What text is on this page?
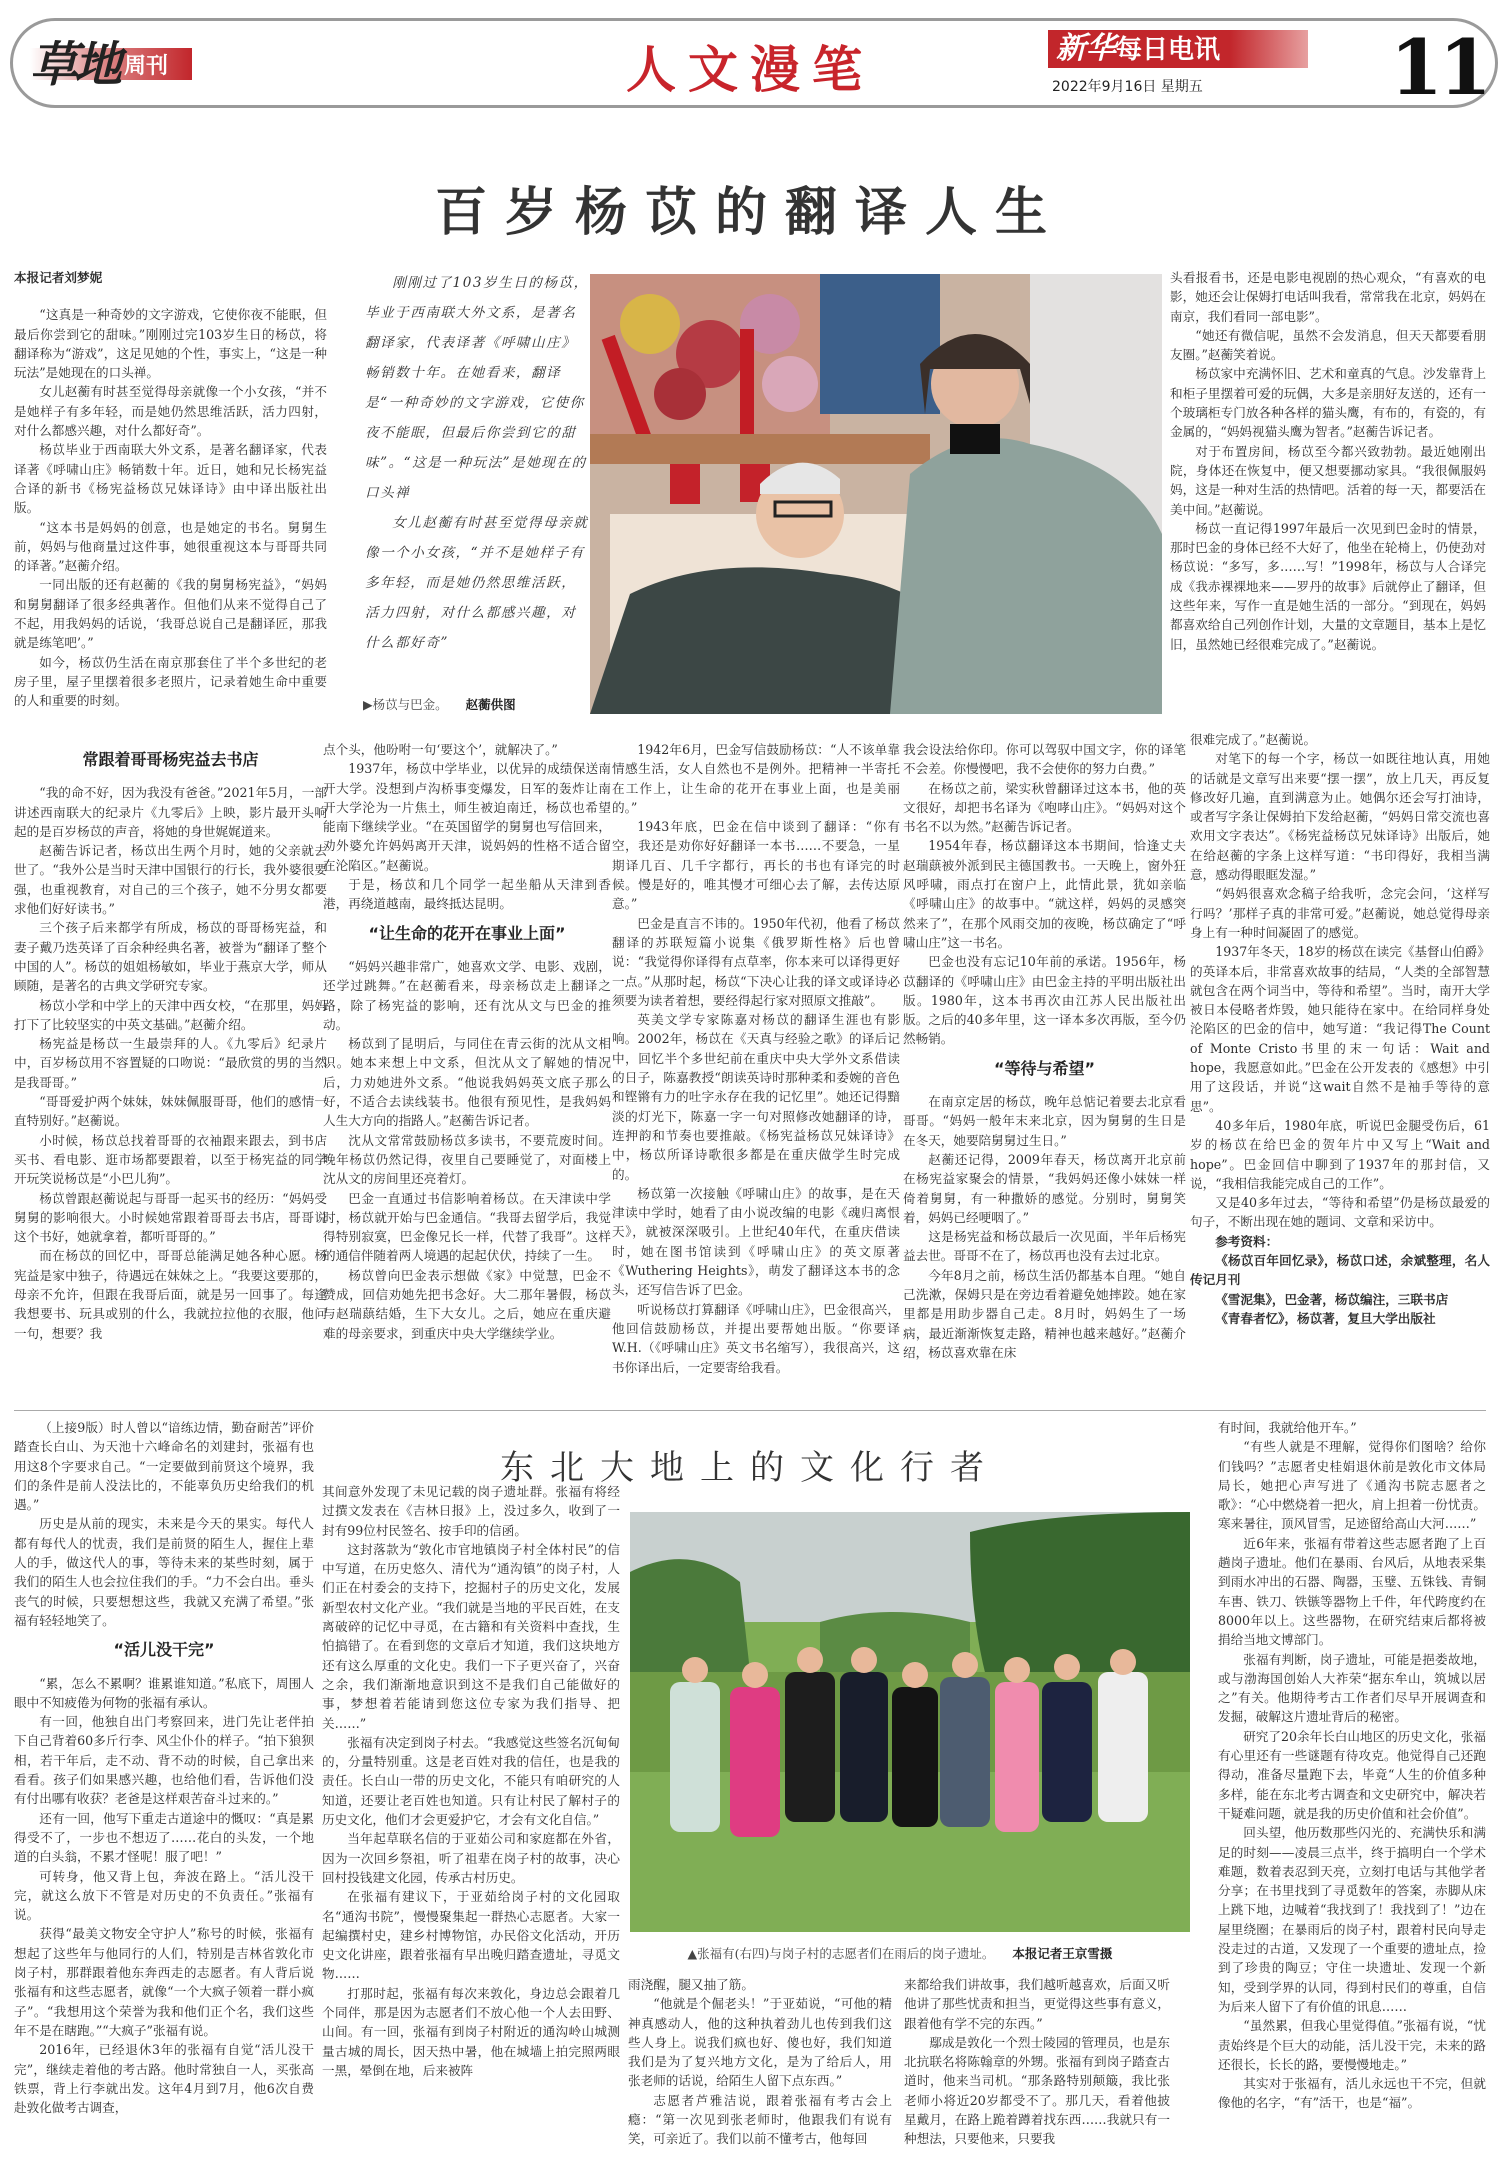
草地 周刊	人文漫笔	新华每日电讯
2022年9月16日 星期五	11
百岁杨苡的翻译人生
本报记者刘梦妮

“这真是一种奇妙的文字游戏，它使你夜不能眠，但最后你尝到它的甜味。”刚刚过完103岁生日的杨苡，将翻译称为“游戏”，这足见她的个性，事实上，“这是一种玩法”是她现在的口头禅。

女儿赵蘅有时甚至觉得母亲就像一个小女孩，“并不是她样子有多年轻，而是她仍然思维活跃，活力四射，对什么都感兴趣，对什么都好奇”。

杨苡毕业于西南联大外文系，是著名翻译家，代表译著《呼啸山庄》畅销数十年。近日，她和兄长杨宪益合译的新书《杨宪益杨苡兄妹译诗》由中译出版社出版。

“这本书是妈妈的创意，也是她定的书名。舅舅生前，妈妈与他商量过这件事，她很重视这本与哥哥共同的译著。”赵蘅介绍。

一同出版的还有赵蘅的《我的舅舅杨宪益》，“妈妈和舅舅翻译了很多经典著作。但他们从来不觉得自己了不起，用我妈妈的话说，‘我哥总说自己是翻译匠，那我就是练笔吧’。”

如今，杨苡仍生活在南京那套住了半个多世纪的老房子里，屋子里摆着很多老照片，记录着她生命中重要的人和重要的时刻。

刚刚过了103岁生日的杨苡，毕业于西南联大外文系，是著名翻译家，代表译著《呼啸山庄》畅销数十年。在她看来，翻译是“一种奇妙的文字游戏，它使你夜不能眠，但最后你尝到它的甜味”。“这是一种玩法”是她现在的口头禅

女儿赵蘅有时甚至觉得母亲就像一个小女孩，“并不是她样子有多年轻，而是她仍然思维活跃，活力四射，对什么都感兴趣，对什么都好奇”

▶杨苡与巴金。 赵蘅供图

头看报看书，还是电影电视剧的热心观众，“有喜欢的电影，她还会让保姆打电话叫我看，常常我在北京，妈妈在南京，我们看同一部电影”。

“她还有微信呢，虽然不会发消息，但天天都要看朋友圈。”赵蘅笑着说。

杨苡家中充满怀旧、艺术和童真的气息。沙发靠背上和柜子里摆着可爱的玩偶，大多是亲朋好友送的，还有一个玻璃柜专门放各种各样的猫头鹰，有布的，有瓷的，有金属的，“妈妈视猫头鹰为智者。”赵蘅告诉记者。

对于布置房间，杨苡至今都兴致勃勃。最近她刚出院，身体还在恢复中，便又想要挪动家具。“我很佩服妈妈，这是一种对生活的热情吧。活着的每一天，都要活在美中间。”赵蘅说。

杨苡一直记得1997年最后一次见到巴金时的情景，那时巴金的身体已经不大好了，他坐在轮椅上，仍使劲对杨苡说：“多写，多……写！”1998年，杨苡与人合译完成《我赤裸裸地来——罗丹的故事》后就停止了翻译，但这些年来，写作一直是她生活的一部分。“到现在，妈妈都喜欢给自己列创作计划，大量的文章题目，基本上是忆旧，虽然她已经很难完成了。”赵蘅说。

常跟着哥哥杨宪益去书店

“我的命不好，因为我没有爸爸。”2021年5月，一部讲述西南联大的纪录片《九零后》上映，影片最开头响起的是百岁杨苡的声音，将她的身世娓娓道来。

赵蘅告诉记者，杨苡出生两个月时，她的父亲就去世了。“我外公是当时天津中国银行的行长，我外婆很要强，也重视教育，对自己的三个孩子，她不分男女都要求他们好好读书。”

三个孩子后来都学有所成，杨苡的哥哥杨宪益，和妻子戴乃迭英译了百余种经典名著，被誉为“翻译了整个中国的人”。杨苡的姐姐杨敏如，毕业于燕京大学，师从顾随，是著名的古典文学研究专家。

杨苡小学和中学上的天津中西女校，“在那里，妈妈打下了比较坚实的中英文基础。”赵蘅介绍。

杨宪益是杨苡一生最崇拜的人。《九零后》纪录片中，百岁杨苡用不容置疑的口吻说：“最欣赏的男的当然是我哥哥。”

“哥哥爱护两个妹妹，妹妹佩服哥哥，他们的感情一直特别好。”赵蘅说。

小时候，杨苡总找着哥哥的衣袖跟来跟去，到书店买书、看电影、逛市场都要跟着，以至于杨宪益的同学开玩笑说杨苡是“小巴儿狗”。

杨苡曾跟赵蘅说起与哥哥一起买书的经历：“妈妈受舅舅的影响很大。小时候她常跟着哥哥去书店，哥哥说这个书好，她就拿着，都听哥哥的。”

而在杨苡的回忆中，哥哥总能满足她各种心愿。杨宪益是家中独子，待遇远在妹妹之上。“我要这要那的，母亲不允许，但跟在我哥后面，就是另一回事了。每逢我想要书、玩具或别的什么，我就拉拉他的衣服，他问一句，想要？我

点个头，他吩咐一句‘要这个’，就解决了。”

1937年，杨苡中学毕业，以优异的成绩保送南开大学。没想到卢沟桥事变爆发，日军的轰炸让南开大学沦为一片焦土，师生被迫南迁，杨苡也希望能南下继续学业。“在英国留学的舅舅也写信回来，劝外婆允许妈妈离开天津，说妈妈的性格不适合留在沦陷区。”赵蘅说。

于是，杨苡和几个同学一起坐船从天津到香港，再绕道越南，最终抵达昆明。

“让生命的花开在事业上面”

“妈妈兴趣非常广，她喜欢文学、电影、戏剧，还学过跳舞。”在赵蘅看来，母亲杨苡走上翻译之路，除了杨宪益的影响，还有沈从文与巴金的推动。

杨苡到了昆明后，与同住在青云街的沈从文相识。她本来想上中文系，但沈从文了解她的情况后，力劝她进外文系。“他说我妈妈英文底子那么好，不适合去读线装书。他很有预见性，是我妈妈人生大方向的指路人。”赵蘅告诉记者。

沈从文常常鼓励杨苡多读书，不要荒废时间。晚年杨苡仍然记得，夜里自己要睡觉了，对面楼上沈从文的房间里还亮着灯。

巴金一直通过书信影响着杨苡。在天津读中学时，杨苡就开始与巴金通信。“我哥去留学后，我觉得特别寂寞，巴金像兄长一样，代替了我哥”。这样的通信伴随着两人境遇的起起伏伏，持续了一生。

杨苡曾向巴金表示想做《家》中觉慧，巴金不赞成，回信劝她先把书念好。大二那年暑假，杨苡与赵瑞蕻结婚，生下大女儿。之后，她应在重庆避难的母亲要求，到重庆中央大学继续学业。

1942年6月，巴金写信鼓励杨苡：“人不该单靠情感生活，女人自然也不是例外。把精神一半寄托在工作上，让生命的花开在事业上面，也是美丽的。”

1943年底，巴金在信中谈到了翻译：“你有空，我还是劝你好好翻译一本书……不要急，一星期译几百、几千字都行，再长的书也有译完的时候。慢是好的，唯其慢才可细心去了解，去传达原意。”

巴金是直言不讳的。1950年代初，他看了杨苡翻译的苏联短篇小说集《俄罗斯性格》后也曾说：“我觉得你译得有点草率，你本来可以译得更好一点。”从那时起，杨苡“下决心让我的译文或译诗必须要为读者着想，要经得起行家对照原文推敲”。

英美文学专家陈嘉对杨苡的翻译生涯也有影响。2002年，杨苡在《天真与经验之歌》的译后记中，回忆半个多世纪前在重庆中央大学外文系借读的日子，陈嘉教授“朗读英诗时那种柔和委婉的音色和铿锵有力的吐字永存在我的记忆里”。她还记得黯淡的灯光下，陈嘉一字一句对照修改她翻译的诗，连押韵和节奏也要推敲。《杨宪益杨苡兄妹译诗》中，杨苡所译诗歌很多都是在重庆做学生时完成的。

杨苡第一次接触《呼啸山庄》的故事，是在天津读中学时，她看了由小说改编的电影《魂归离恨天》，就被深深吸引。上世纪40年代，在重庆借读时，她在图书馆读到《呼啸山庄》的英文原著《Wuthering Heights》，萌发了翻译这本书的念头，还写信告诉了巴金。

听说杨苡打算翻译《呼啸山庄》，巴金很高兴，他回信鼓励杨苡，并提出要帮她出版。“你要译W.H.（《呼啸山庄》英文书名缩写），我很高兴，这书你译出后，一定要寄给我看。

我会设法给你印。你可以驾驭中国文字，你的译笔不会差。你慢慢吧，我不会使你的努力白费。”

在杨苡之前，梁实秋曾翻译过这本书，他的英文很好，却把书名译为《咆哮山庄》。“妈妈对这个书名不以为然。”赵蘅告诉记者。

1954年春，杨苡翻译这本书期间，恰逢丈夫赵瑞蕻被外派到民主德国教书。一天晚上，窗外狂风呼啸，雨点打在窗户上，此情此景，犹如亲临《呼啸山庄》的故事中。“就这样，妈妈的灵感突然来了”，在那个风雨交加的夜晚，杨苡确定了“呼啸山庄”这一书名。

巴金也没有忘记10年前的承诺。1956年，杨苡翻译的《呼啸山庄》由巴金主持的平明出版社出版。1980年，这本书再次由江苏人民出版社出版。之后的40多年里，这一译本多次再版，至今仍然畅销。

“等待与希望”

在南京定居的杨苡，晚年总惦记着要去北京看哥哥。“妈妈一般年末来北京，因为舅舅的生日是在冬天，她要陪舅舅过生日。”

赵蘅还记得，2009年春天，杨苡离开北京前在杨宪益家聚会的情景，“我妈妈还像小妹妹一样倚着舅舅，有一种撒娇的感觉。分别时，舅舅笑着，妈妈已经哽咽了。”

这是杨宪益和杨苡最后一次见面，半年后杨宪益去世。哥哥不在了，杨苡再也没有去过北京。

今年8月之前，杨苡生活仍都基本自理。“她自己洗漱，保姆只是在旁边看着避免她摔跤。她在家里都是用助步器自己走。8月时，妈妈生了一场病，最近渐渐恢复走路，精神也越来越好。”赵蘅介绍，杨苡喜欢靠在床

很难完成了。”赵蘅说。

对笔下的每一个字，杨苡一如既往地认真，用她的话就是文章写出来要“摆一摆”，放上几天，再反复修改好几遍，直到满意为止。她偶尔还会写打油诗，或者写字条让保姆拍下发给赵蘅，“妈妈日常交流也喜欢用文字表达”。《杨宪益杨苡兄妹译诗》出版后，她在给赵蘅的字条上这样写道：“书印得好，我相当满意，感动得眼眶发湿。”

“妈妈很喜欢念稿子给我听，念完会问，‘这样写行吗？’那样子真的非常可爱。”赵蘅说，她总觉得母亲身上有一种时间凝固了的感觉。

1937年冬天，18岁的杨苡在读完《基督山伯爵》的英译本后，非常喜欢故事的结局，“人类的全部智慧就包含在两个词当中，等待和希望”。当时，南开大学被日本侵略者炸毁，她只能待在家中。在给同样身处沦陷区的巴金的信中，她写道：“我记得The Count of Monte Cristo书里的末一句话：Wait and hope，我愿意如此。”巴金在公开发表的《感想》中引用了这段话，并说“这wait自然不是袖手等待的意思”。

40多年后，1980年底，听说巴金腿受伤后，61岁的杨苡在给巴金的贺年片中又写上“Wait and hope”。巴金回信中聊到了1937年的那封信，又说，“我相信我能完成自己的工作”。

又是40多年过去，“等待和希望”仍是杨苡最爱的句子，不断出现在她的题词、文章和采访中。

参考资料：

《杨苡百年回忆录》，杨苡口述，余斌整理，名人传记月刊

《雪泥集》，巴金著，杨苡编注，三联书店

《青春者忆》，杨苡著，复旦大学出版社

东北大地上的文化行者

（上接9版）时人曾以“谙练边情，勤奋耐苦”评价踏查长白山、为天池十六峰命名的刘建封，张福有也用这8个字要求自己。“一定要做到前贤这个境界，我们的条件是前人没法比的，不能辜负历史给我们的机遇。”

历史是从前的现实，未来是今天的果实。每代人都有每代人的忧责，我们是前贤的陌生人，握住上辈人的手，做这代人的事，等待未来的某些时刻，属于我们的陌生人也会拉住我们的手。“力不会白出。垂头丧气的时候，只要想想这些，我就又充满了希望。”张福有轻轻地笑了。

“活儿没干完”

“累，怎么不累啊？谁累谁知道。”私底下，周围人眼中不知疲倦为何物的张福有承认。

有一回，他独自出门考察回来，进门先让老伴拍下自己背着60多斤行李、风尘仆仆的样子。“拍下狼狈相，若干年后，走不动、背不动的时候，自己拿出来看看。孩子们如果感兴趣，也给他们看，告诉他们没有付出哪有收获？老爸是这样艰苦奋斗过来的。”

还有一回，他写下重走古道途中的慨叹：“真是累得受不了，一步也不想迈了……花白的头发，一个地道的白头翁，不累才怪呢！服了吧！”

可转身，他又背上包，奔波在路上。“活儿没干完，就这么放下不管是对历史的不负责任。”张福有说。

获得“最美文物安全守护人”称号的时候，张福有想起了这些年与他同行的人们，特别是吉林省敦化市岗子村，那群跟着他东奔西走的志愿者。有人背后说张福有和这些志愿者，就像“一个大疯子领着一群小疯子”。“我想用这个荣誉为我和他们正个名，我们这些年不是在瞎跑。”“大疯子”张福有说。

2016年，已经退休3年的张福有自觉“活儿没干完”，继续走着他的考古路。他时常独自一人，买张高铁票，背上行李就出发。这年4月到7月，他6次自费赴敦化做考古调查，

其间意外发现了未见记载的岗子遗址群。张福有将经过撰文发表在《吉林日报》上，没过多久，收到了一封有99位村民签名、按手印的信函。

这封落款为“敦化市官地镇岗子村全体村民”的信中写道，在历史悠久、清代为“通沟镇”的岗子村，人们正在村委会的支持下，挖掘村子的历史文化，发展新型农村文化产业。“我们就是当地的平民百姓，在支离破碎的记忆中寻觅，在古籍和有关资料中查找，生怕搞错了。在看到您的文章后才知道，我们这块地方还有这么厚重的文化史。我们一下子更兴奋了，兴奋之余，我们渐渐地意识到这不是我们自己能做好的事，梦想着若能请到您这位专家为我们指导、把关……”

张福有决定到岗子村去。“我感觉这些签名沉甸甸的，分量特别重。这是老百姓对我的信任，也是我的责任。长白山一带的历史文化，不能只有咱研究的人知道，还要让老百姓也知道。只有让村民了解村子的历史文化，他们才会更爱护它，才会有文化自信。”

当年起草联名信的于亚茹公司和家庭都在外省，因为一次回乡祭祖，听了祖辈在岗子村的故事，决心回村投钱建文化园，传承古村历史。

在张福有建议下，于亚茹给岗子村的文化园取名“通沟书院”，慢慢聚集起一群热心志愿者。大家一起编撰村史，建乡村博物馆，办民俗文化活动，开历史文化讲座，跟着张福有早出晚归踏查遗址，寻觅文物……

打那时起，张福有每次来敦化，身边总会跟着几个同伴，那是因为志愿者们不放心他一个人去田野、山间。有一回，张福有到岗子村附近的通沟岭山城测量古城的周长，因天热中暑，他在城墙上拍完照两眼一黑，晕倒在地，后来被阵

▲张福有(右四)与岗子村的志愿者们在雨后的岗子遗址。 本报记者王京雪摄

雨浇醒，腿又抽了筋。

“他就是个倔老头！”于亚茹说，“可他的精神真感动人，他的这种执着劲儿也传到我们这些人身上。说我们疯也好、傻也好，我们知道我们是为了复兴地方文化，是为了给后人，用张老师的话说，给陌生人留下点东西。”

志愿者芦雅洁说，跟着张福有考古会上瘾：“第一次见到张老师时，他跟我们有说有笑，可亲近了。我们以前不懂考古，他每回

来都给我们讲故事，我们越听越喜欢，后面又听他讲了那些忧责和担当，更觉得这些事有意义，跟着他有学不完的东西。”

鄢成是敦化一个烈士陵园的管理员，也是东北抗联名将陈翰章的外甥。张福有到岗子踏查古道时，他来当司机。“那条路特别颠簸，我比张老师小将近20岁都受不了。那几天，看着他披星戴月，在路上跪着蹲着找东西……我就只有一种想法，只要他来，只要我

有时间，我就给他开车。”

“有些人就是不理解，觉得你们图啥？给你们钱吗？”志愿者史桂娟退休前是敦化市文体局局长，她把心声写进了《通沟书院志愿者之歌》：“心中燃烧着一把火，肩上担着一份忧责。寒来暑往，顶风冒雪，足迹留给高山大河……”

近6年来，张福有带着这些志愿者跑了上百趟岗子遗址。他们在暴雨、台风后，从地表采集到雨水冲出的石器、陶器，玉璧、五铢钱、青铜车軎、铁刀、铁镞等器物上千件，年代跨度约在8000年以上。这些器物，在研究结束后都将被捐给当地文博部门。

张福有判断，岗子遗址，可能是挹娄故地，或与渤海国创始人大祚荣“据东牟山，筑城以居之”有关。他期待考古工作者们尽早开展调查和发掘，破解这片遗址背后的秘密。

研究了20余年长白山地区的历史文化，张福有心里还有一些谜题有待攻克。他觉得自己还跑得动，准备尽量跑下去，毕竟“人生的价值多种多样，能在东北考古调查和文史研究中，解决若干疑难问题，就是我的历史价值和社会价值”。

回头望，他历数那些闪光的、充满快乐和满足的时刻——凌晨三点半，终于搞明白一个学术难题，数着表忍到天亮，立刻打电话与其他学者分享；在书里找到了寻觅数年的答案，赤脚从床上跳下地，边喊着“我找到了！我找到了！”边在屋里绕圈；在暴雨后的岗子村，跟着村民向导走没走过的古道，又发现了一个重要的遗址点，捡到了珍贵的陶豆；守住一块遗址、发现一个新知，受到学界的认同，得到村民们的尊重，自信为后来人留下了有价值的讯息……

“虽然累，但我心里觉得值。”张福有说，“忧责始终是个巨大的动能，活儿没干完，未来的路还很长，长长的路，要慢慢地走。”

其实对于张福有，活儿永远也干不完，但就像他的名字，“有”活干，也是“福”。
